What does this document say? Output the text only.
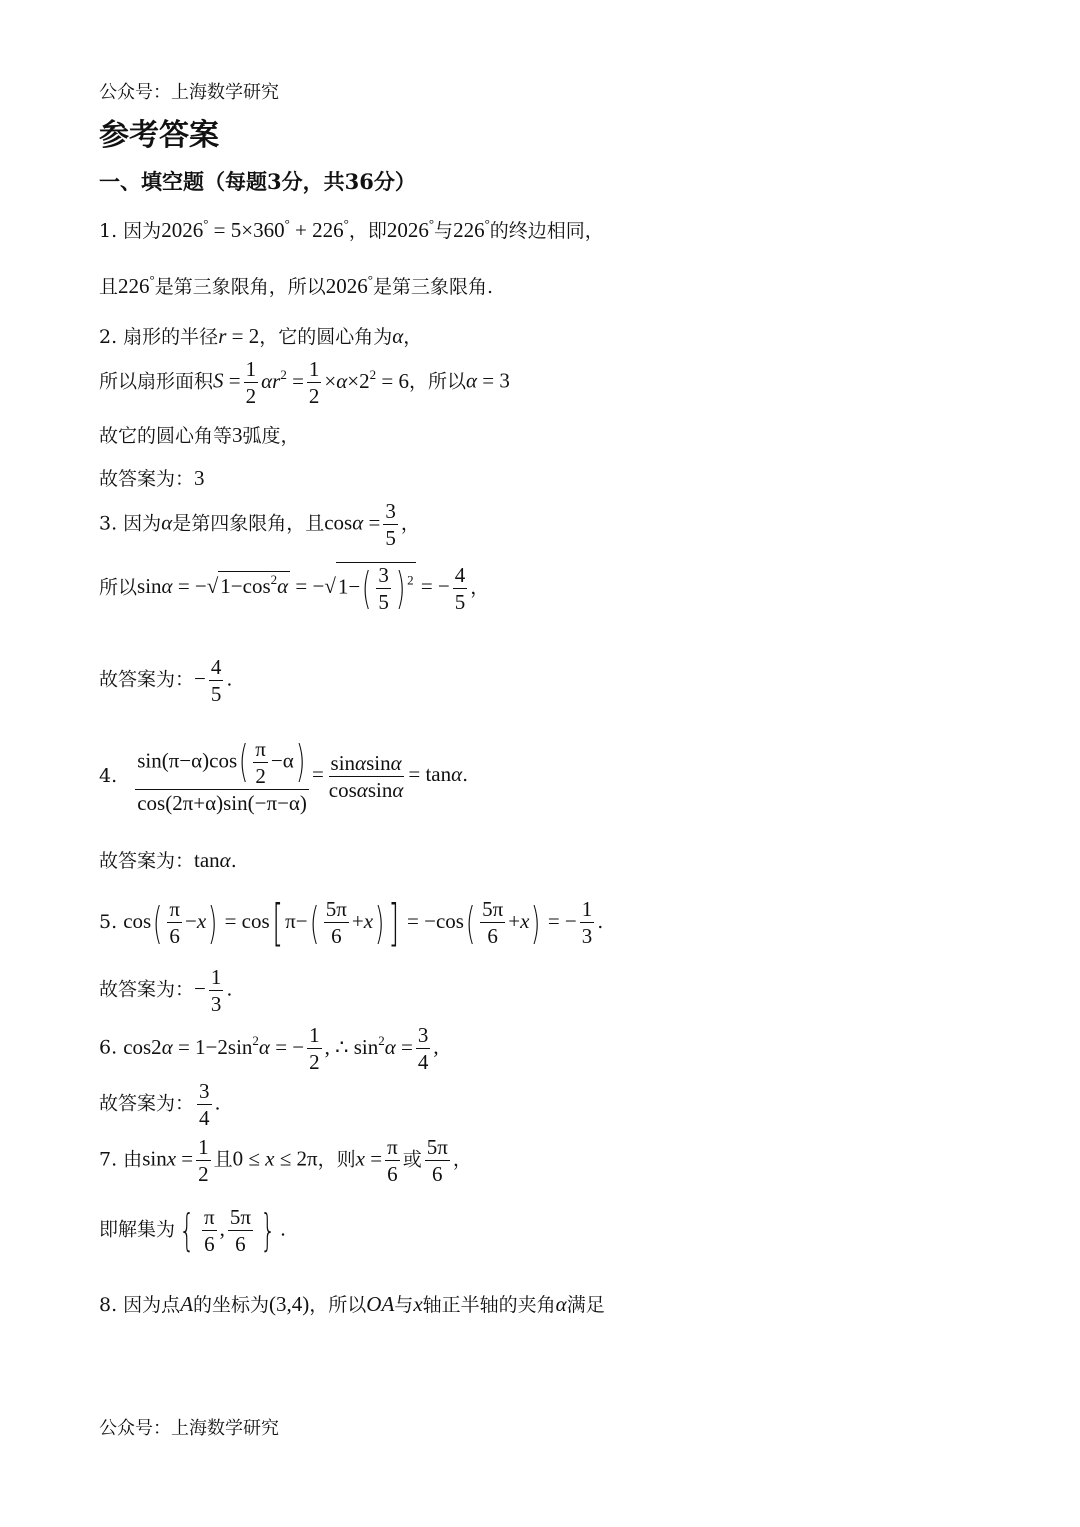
公众号：上海数学研究
参考答案
一、填空题（每题3分，共36分）
1. 因为2026° = 5×360° + 226°，即2026°与226°的终边相同，
且226°是第三象限角，所以2026°是第三象限角.
2. 扇形的半径r = 2，它的圆心角为α，
所以扇形面积$S = \frac{1}{2} \alpha r^2 = \frac{1}{2} \times\alpha\times 2^2 = 6$，所以α = 3
故它的圆心角等3弧度，
故答案为：3
3. 因为α是第四象限角，且$\cos\alpha = \frac{3}{5}$ ，
所以$\sin\alpha = -√1-\cos^2\alpha = -√1-( \frac{3}{5}$ ) $^2$ = − $\frac{4}{5}$ ，
故答案为：− $\frac{4}{5}$ .
4. $\frac{\sin(\pi-\alpha)\cos( \frac{\pi}{2} -\alpha)}{\cos(2\pi+\alpha)\sin(-\pi-\alpha)} = \frac{\sin\alpha\sin\alpha}{\cos\alpha\sin\alpha} = \tan\alpha$.
故答案为：tanα.
5. $\cos( \frac{\pi}{6} -x) = \cos$[ $\pi-( \frac{5\pi}{6} +x)] = -\cos( \frac{5\pi}{6} +x)$ = − $\frac{1}{3}$ .
故答案为：− $\frac{1}{3}$ .
6. $\cos 2\alpha = 1-2\sin^2\alpha$ = − $\frac{1}{2}$ , ∴ $\sin^2\alpha = \frac{3}{4}$ ,
故答案为： $\frac{3}{4}$ .
7. 由$\sin x = \frac{1}{2}$ 且0 ≤ x ≤ 2π，则$x = \frac{\pi}{6}$ 或 $\frac{5\pi}{6}$ ，
即解集为{ $\frac{\pi}{6}$ , $\frac{5\pi}{6}$ } .
8. 因为点A的坐标为(3,4)，所以OA与x轴正半轴的夹角α满足
公众号：上海数学研究
